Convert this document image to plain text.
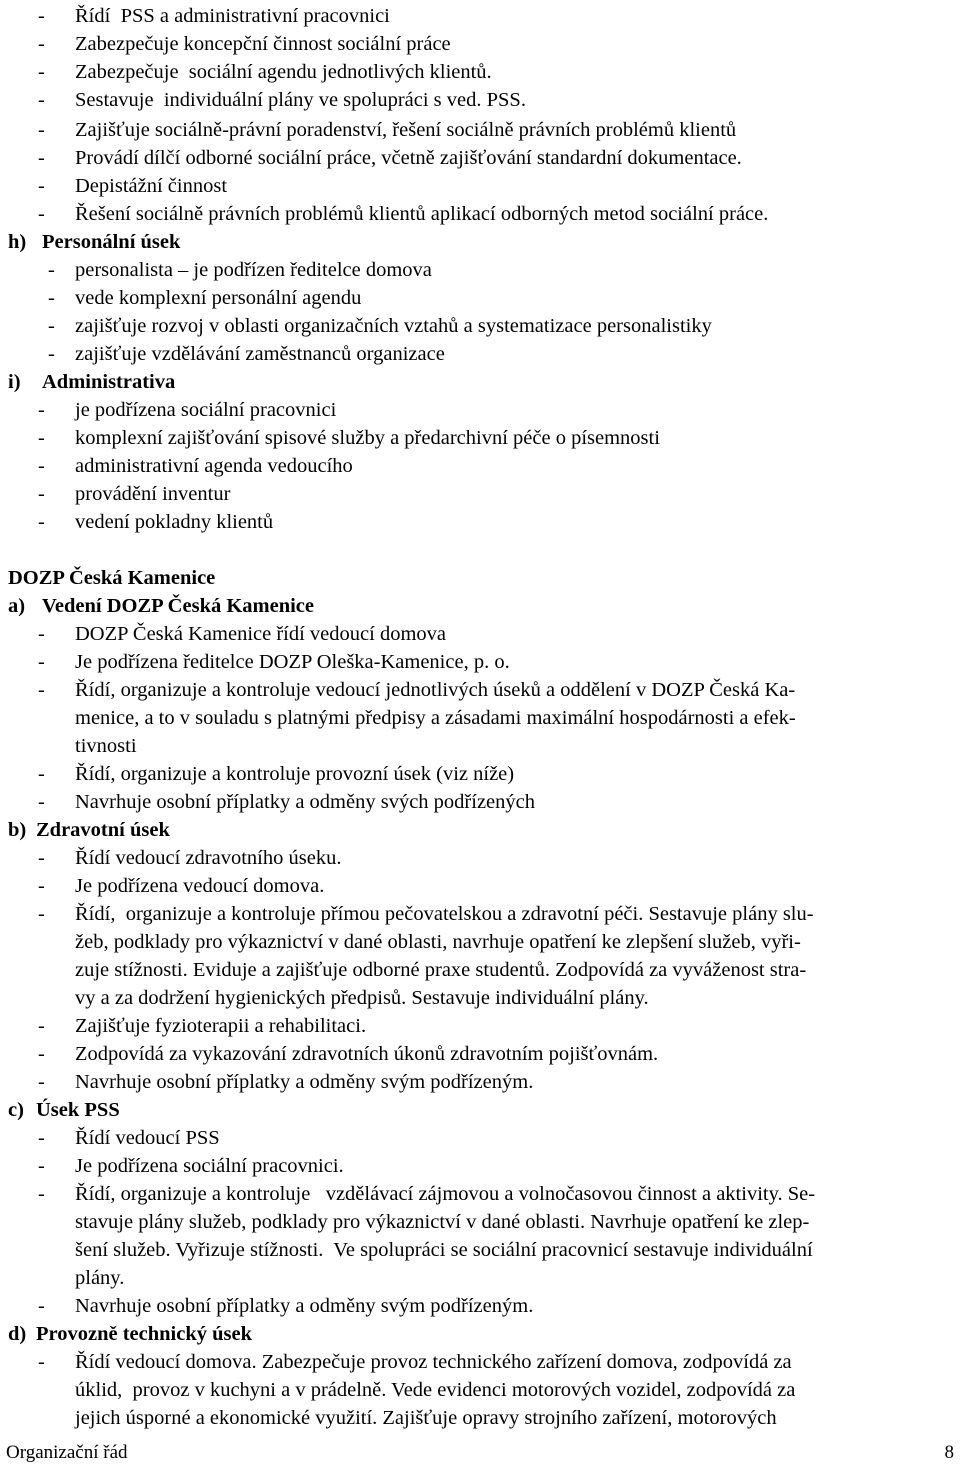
- Řídí  PSS a administrativní pracovnici
- Zabezpečuje koncepční činnost sociální práce
- Zabezpečuje  sociální agendu jednotlivých klientů.
- Sestavuje  individuální plány ve spolupráci s ved. PSS.
- Zajišťuje sociálně-právní poradenství, řešení sociálně právních problémů klientů
- Provádí dílčí odborné sociální práce, včetně zajišťování standardní dokumentace.
- Depistážní činnost
- Řešení sociálně právních problémů klientů aplikací odborných metod sociální práce.
h) Personální úsek
- personalista – je podřízen ředitelce domova
- vede komplexní personální agendu
- zajišťuje rozvoj v oblasti organizačních vztahů a systematizace personalistiky
- zajišťuje vzdělávání zaměstnanců organizace
i) Administrativa
- je podřízena sociální pracovnici
- komplexní zajišťování spisové služby a předarchivní péče o písemnosti
- administrativní agenda vedoucího
- provádění inventur
- vedení pokladny klientů
DOZP Česká Kamenice
a) Vedení DOZP Česká Kamenice
- DOZP Česká Kamenice řídí vedoucí domova
- Je podřízena ředitelce DOZP Oleška-Kamenice, p. o.
- Řídí, organizuje a kontroluje vedoucí jednotlivých úseků a oddělení v DOZP Česká Ka-
menice, a to v souladu s platnými předpisy a zásadami maximální hospodárnosti a efek-
tivnosti
- Řídí, organizuje a kontroluje provozní úsek (viz níže)
- Navrhuje osobní příplatky a odměny svých podřízených
b) Zdravotní úsek
- Řídí vedoucí zdravotního úseku.
- Je podřízena vedoucí domova.
- Řídí,  organizuje a kontroluje přímou pečovatelskou a zdravotní péči. Sestavuje plány slu-
žeb, podklady pro výkaznictví v dané oblasti, navrhuje opatření ke zlepšení služeb, vyři-
zuje stížnosti. Eviduje a zajišťuje odborné praxe studentů. Zodpovídá za vyváženost stra-
vy a za dodržení hygienických předpisů. Sestavuje individuální plány.
- Zajišťuje fyzioterapii a rehabilitaci.
- Zodpovídá za vykazování zdravotních úkonů zdravotním pojišťovnám.
- Navrhuje osobní příplatky a odměny svým podřízeným.
c) Úsek PSS
- Řídí vedoucí PSS
- Je podřízena sociální pracovnici.
- Řídí, organizuje a kontroluje   vzdělávací zájmovou a volnočasovou činnost a aktivity. Se-
stavuje plány služeb, podklady pro výkaznictví v dané oblasti. Navrhuje opatření ke zlep-
šení služeb. Vyřizuje stížnosti.  Ve spolupráci se sociální pracovnicí sestavuje individuální
plány.
- Navrhuje osobní příplatky a odměny svým podřízeným.
d) Provozně technický úsek
- Řídí vedoucí domova. Zabezpečuje provoz technického zařízení domova, zodpovídá za
úklid,  provoz v kuchyni a v prádelně. Vede evidenci motorových vozidel, zodpovídá za
jejich úsporné a ekonomické využití. Zajišťuje opravy strojního zařízení, motorových
Organizační řád	8
